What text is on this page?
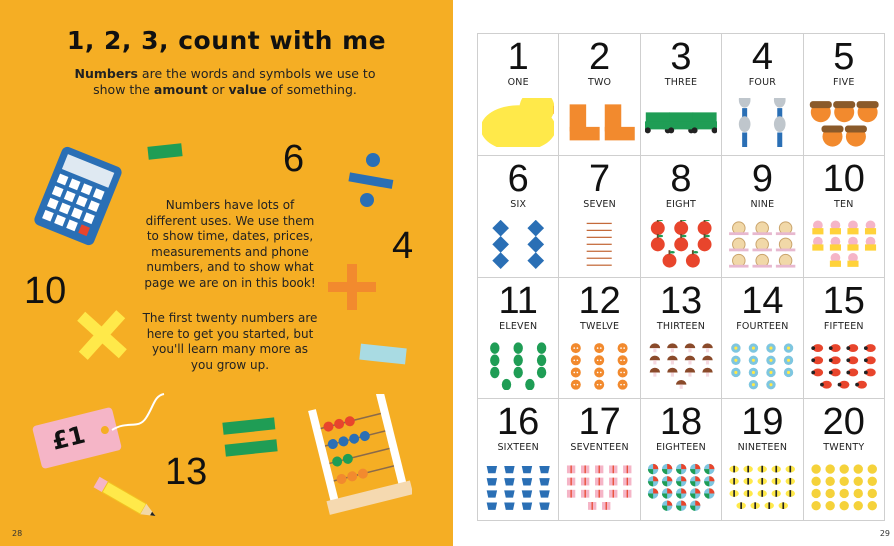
1, 2, 3, count with me
Numbers are the words and symbols we use to show the amount or value of something.
Numbers have lots of different uses. We use them to show time, dates, prices, measurements and phone numbers, and to show what page we are on in this book!
The first twenty numbers are here to get you started, but you'll learn many more as you grow up.
6
4
10
13
£1
28	29
1
ONE
2
TWO
3
THREE
4
FOUR
5
FIVE
6
SIX
7
SEVEN
8
EIGHT
9
NINE
10
TEN
11
ELEVEN
12
TWELVE
13
THIRTEEN
14
FOURTEEN
15
FIFTEEN
16
SIXTEEN
17
SEVENTEEN
18
EIGHTEEN
19
NINETEEN
20
TWENTY
